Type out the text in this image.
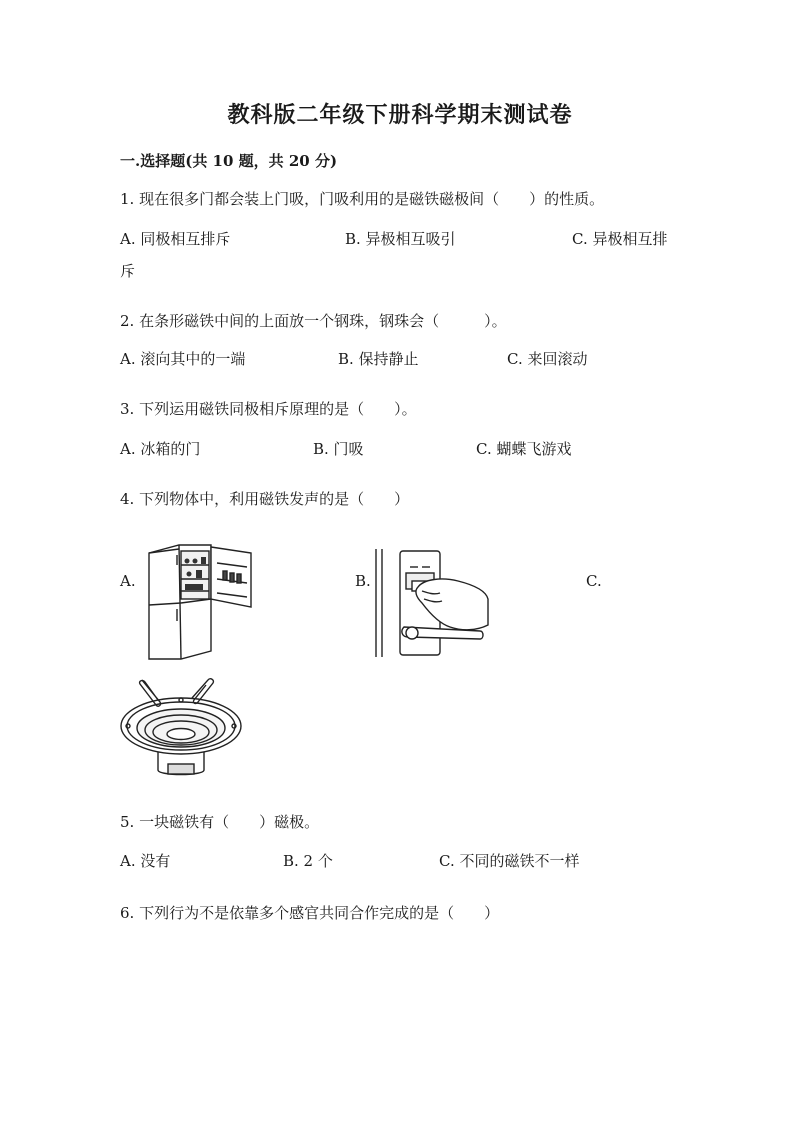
教科版二年级下册科学期末测试卷
一.选择题(共 10 题，共 20 分)
1. 现在很多门都会装上门吸，门吸利用的是磁铁磁极间（　　）的性质。
A. 同极相互排斥	B. 异极相互吸引	C. 异极相互排
斥
2. 在条形磁铁中间的上面放一个钢珠，钢珠会（　　　）。
A. 滚向其中的一端	B. 保持静止	C. 来回滚动
3. 下列运用磁铁同极相斥原理的是（　　）。
A. 冰箱的门	B. 门吸	C. 蝴蝶飞游戏
4. 下列物体中，利用磁铁发声的是（　　）
A.	B.	C.
5. 一块磁铁有（　　）磁极。
A. 没有	B. 2 个	C. 不同的磁铁不一样
6. 下列行为不是依靠多个感官共同合作完成的是（　　）
